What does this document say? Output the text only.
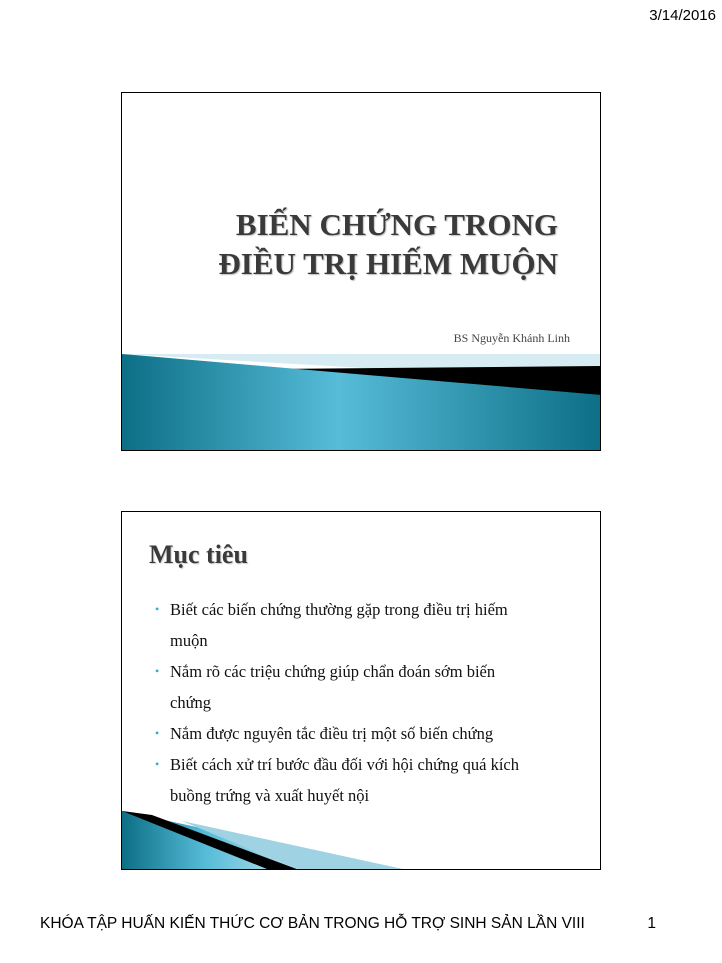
3/14/2016
BIẾN CHỨNG TRONG
ĐIỀU TRỊ HIẾM MUỘN
BS Nguyễn Khánh Linh
Mục tiêu
• Biết các biến chứng thường gặp trong điều trị hiếm
muộn
• Nắm rõ các triệu chứng giúp chẩn đoán sớm biến
chứng
• Nắm được nguyên tắc điều trị một số biến chứng
• Biết cách xử trí bước đầu đối với hội chứng quá kích
buồng trứng và xuất huyết nội
KHÓA TẬP HUẤN KIẾN THỨC CƠ BẢN TRONG HỖ TRỢ SINH SẢN LẦN VIII	1
